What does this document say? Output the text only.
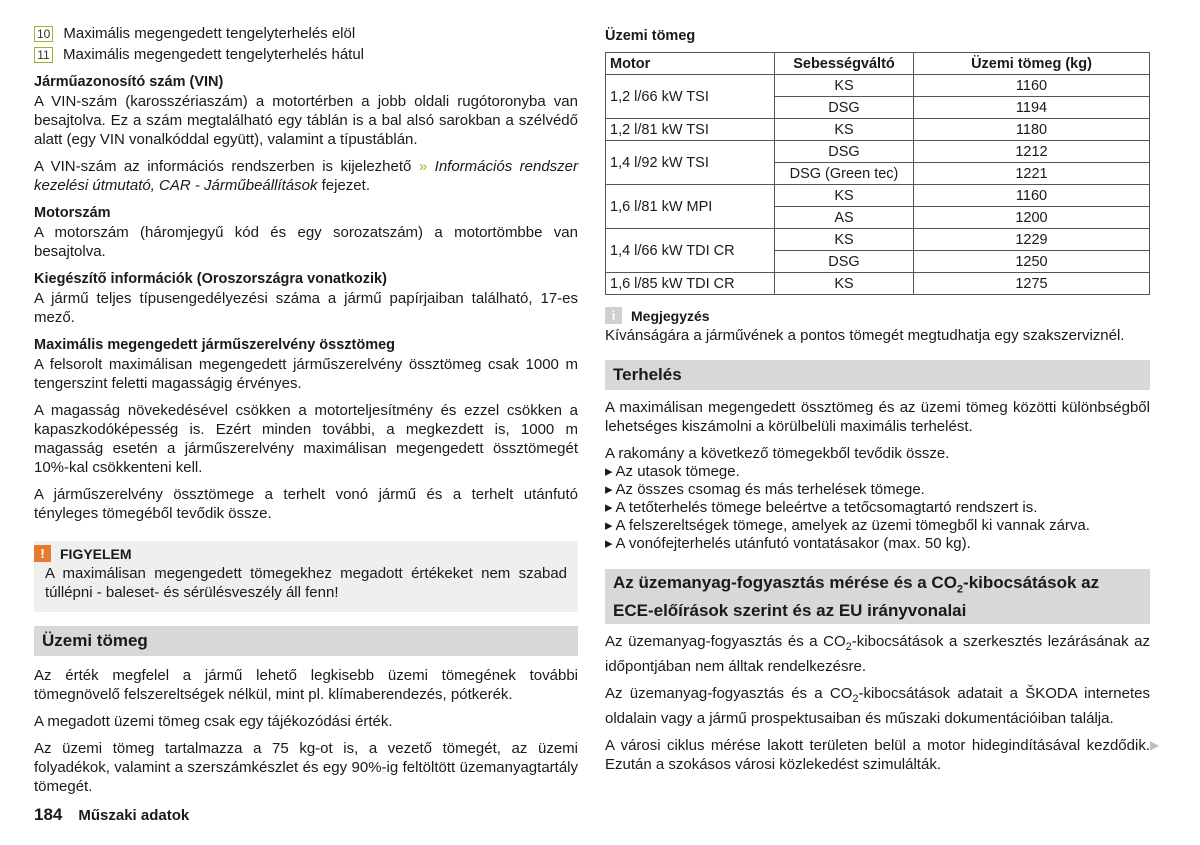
10 Maximális megengedett tengelyterhelés elöl
11 Maximális megengedett tengelyterhelés hátul
Járműazonosító szám (VIN)

A VIN-szám (karosszériaszám) a motortérben a jobb oldali rugótoronyba van besajtolva. Ez a szám megtalálható egy táblán is a bal alsó sarokban a szélvédő alatt (egy VIN vonalkóddal együtt), valamint a típustáblán.

A VIN-szám az információs rendszerben is kijelezhető » Információs rendszer kezelési útmutató, CAR - Járműbeállítások fejezet.

Motorszám

A motorszám (háromjegyű kód és egy sorozatszám) a motortömbbe van besajtolva.

Kiegészítő információk (Oroszországra vonatkozik)

A jármű teljes típusengedélyezési száma a jármű papírjaiban található, 17-es mező.

Maximális megengedett járműszerelvény össztömeg

A felsorolt maximálisan megengedett járműszerelvény össztömeg csak 1000 m tengerszint feletti magasságig érvényes.

A magasság növekedésével csökken a motorteljesítmény és ezzel csökken a kapaszkodóképesség is. Ezért minden további, a megkezdett is, 1000 m magasság esetén a járműszerelvény maximálisan megengedett össztömegét 10%-kal csökkenteni kell.

A járműszerelvény össztömege a terhelt vonó jármű és a terhelt utánfutó tényleges tömegéből tevődik össze.

!	FIGYELEM

A maximálisan megengedett tömegekhez megadott értékeket nem szabad túllépni - baleset- és sérülésveszély áll fenn!

Üzemi tömeg

Az érték megfelel a jármű lehető legkisebb üzemi tömegének további tömegnövelő felszereltségek nélkül, mint pl. klímaberendezés, pótkerék.

A megadott üzemi tömeg csak egy tájékozódási érték.

Az üzemi tömeg tartalmazza a 75 kg-ot is, a vezető tömegét, az üzemi folyadékok, valamint a szerszámkészlet és egy 90%-ig feltöltött üzemanyagtartály tömegét.

Üzemi tömeg
Motor	Sebességváltó	Üzemi tömeg (kg)
1,2 l/66 kW TSI	KS	1160
	DSG	1194
1,2 l/81 kW TSI	KS	1180
1,4 l/92 kW TSI	DSG	1212
	DSG (Green tec)	1221
1,6 l/81 kW MPI	KS	1160
	AS	1200
1,4 l/66 kW TDI CR	KS	1229
	DSG	1250
1,6 l/85 kW TDI CR	KS	1275
i	Megjegyzés

Kívánságára a járművének a pontos tömegét megtudhatja egy szakszerviznél.

Terhelés

A maximálisan megengedett össztömeg és az üzemi tömeg közötti különbségből lehetséges kiszámolni a körülbelüli maximális terhelést.

A rakomány a következő tömegekből tevődik össze.

▸ Az utasok tömege.
▸ Az összes csomag és más terhelések tömege.
▸ A tetőterhelés tömege beleértve a tetőcsomagtartó rendszert is.
▸ A felszereltségek tömege, amelyek az üzemi tömegből ki vannak zárva.
▸ A vonófejterhelés utánfutó vontatásakor (max. 50 kg).
Az üzemanyag-fogyasztás mérése és a $CO_2$-kibocsátások az ECE-előírások szerint és az EU irányvonalai

Az üzemanyag-fogyasztás és a $CO_2$-kibocsátások a szerkesztés lezárásának az időpontjában nem álltak rendelkezésre.

Az üzemanyag-fogyasztás és a $CO_2$-kibocsátások adatait a ŠKODA internetes oldalain vagy a jármű prospektusaiban és műszaki dokumentációiban találja.

A városi ciklus mérése lakott területen belül a motor hidegindításával kezdődik. Ezután a szokásos városi közlekedést szimulálták.

▶
184 Műszaki adatok
